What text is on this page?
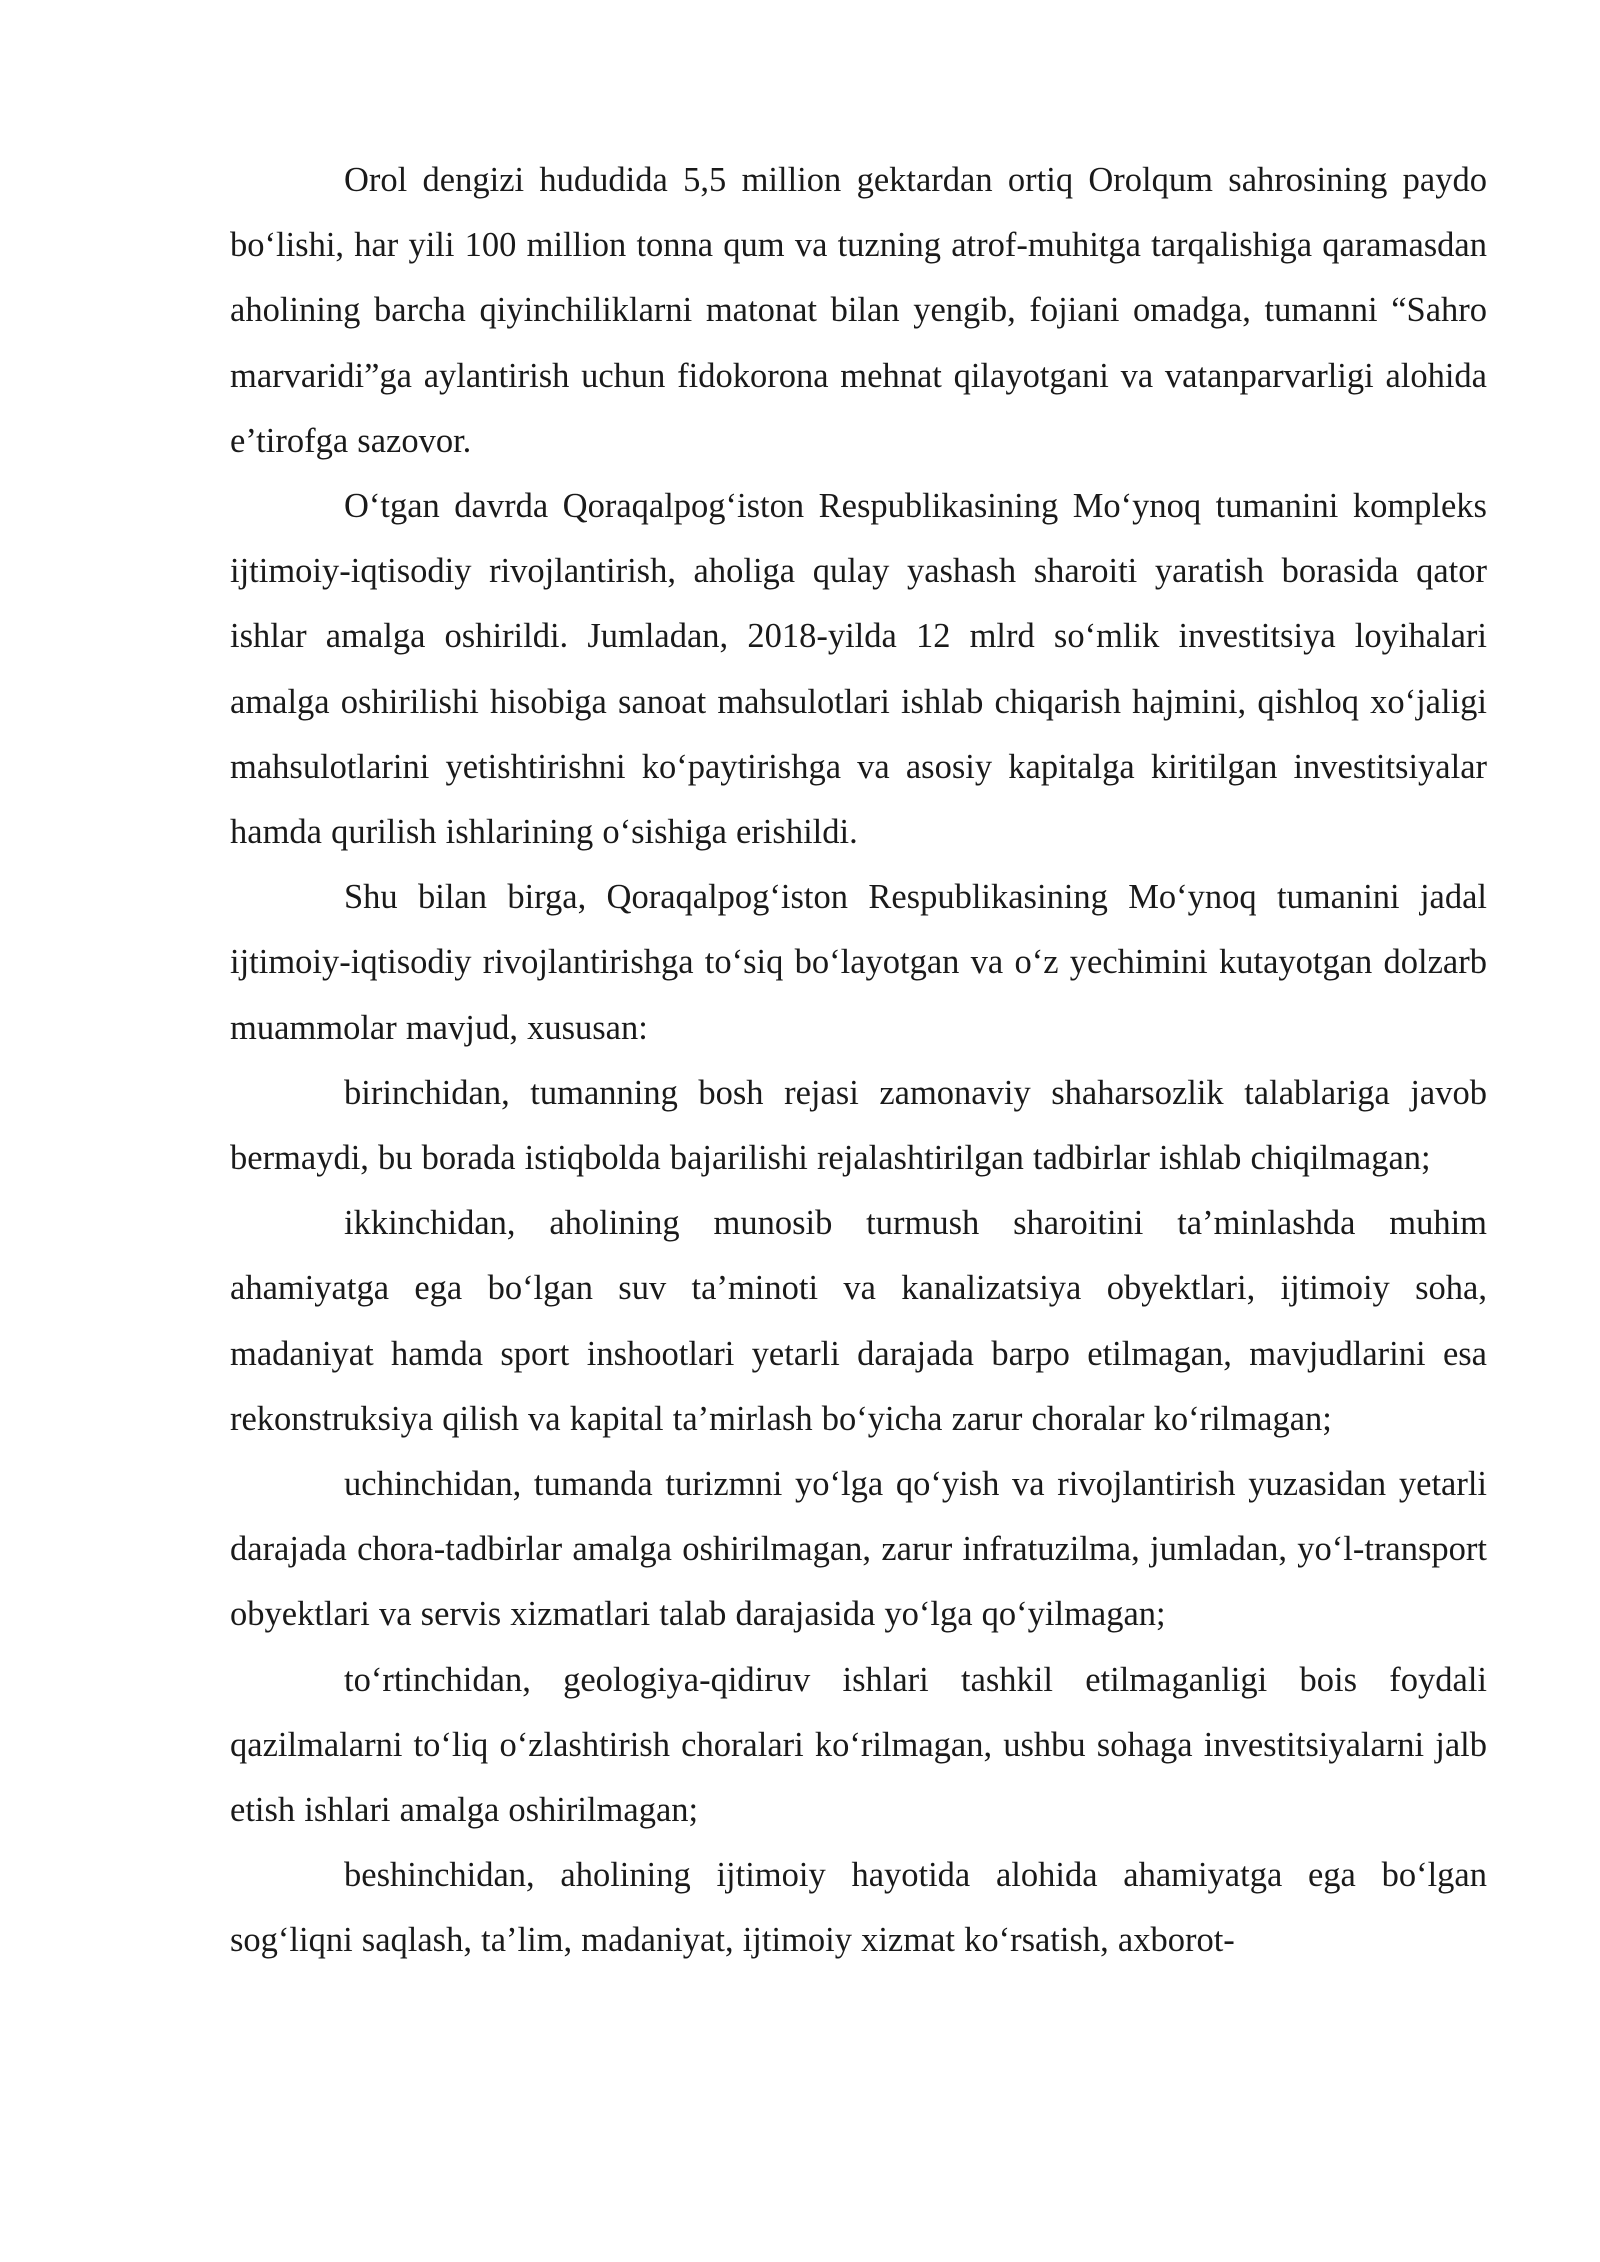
Orol dengizi hududida 5,5 million gektardan ortiq Orolqum sahrosining paydo bo‘lishi, har yili 100 million tonna qum va tuzning atrof-muhitga tarqalishiga qaramasdan aholining barcha qiyinchiliklarni matonat bilan yengib, fojiani omadga, tumanni “Sahro marvaridi”ga aylantirish uchun fidokorona mehnat qilayotgani va vatanparvarligi alohida e’tirofga sazovor.

O‘tgan davrda Qoraqalpog‘iston Respublikasining Mo‘ynoq tumanini kompleks ijtimoiy-iqtisodiy rivojlantirish, aholiga qulay yashash sharoiti yaratish borasida qator ishlar amalga oshirildi. Jumladan, 2018-yilda 12 mlrd so‘mlik investitsiya loyihalari amalga oshirilishi hisobiga sanoat mahsulotlari ishlab chiqarish hajmini, qishloq xo‘jaligi mahsulotlarini yetishtirishni ko‘paytirishga va asosiy kapitalga kiritilgan investitsiyalar hamda qurilish ishlarining o‘sishiga erishildi.

Shu bilan birga, Qoraqalpog‘iston Respublikasining Mo‘ynoq tumanini jadal ijtimoiy-iqtisodiy rivojlantirishga to‘siq bo‘layotgan va o‘z yechimini kutayotgan dolzarb muammolar mavjud, xususan:

birinchidan, tumanning bosh rejasi zamonaviy shaharsozlik talablariga javob bermaydi, bu borada istiqbolda bajarilishi rejalashtirilgan tadbirlar ishlab chiqilmagan;

ikkinchidan, aholining munosib turmush sharoitini ta’minlashda muhim ahamiyatga ega bo‘lgan suv ta’minoti va kanalizatsiya obyektlari, ijtimoiy soha, madaniyat hamda sport inshootlari yetarli darajada barpo etilmagan, mavjudlarini esa rekonstruksiya qilish va kapital ta’mirlash bo‘yicha zarur choralar ko‘rilmagan;

uchinchidan, tumanda turizmni yo‘lga qo‘yish va rivojlantirish yuzasidan yetarli darajada chora-tadbirlar amalga oshirilmagan, zarur infratuzilma, jumladan, yo‘l-transport obyektlari va servis xizmatlari talab darajasida yo‘lga qo‘yilmagan;

to‘rtinchidan, geologiya-qidiruv ishlari tashkil etilmaganligi bois foydali qazilmalarni to‘liq o‘zlashtirish choralari ko‘rilmagan, ushbu sohaga investitsiyalarni jalb etish ishlari amalga oshirilmagan;

beshinchidan, aholining ijtimoiy hayotida alohida ahamiyatga ega bo‘lgan sog‘liqni saqlash, ta’lim, madaniyat, ijtimoiy xizmat ko‘rsatish, axborot-
